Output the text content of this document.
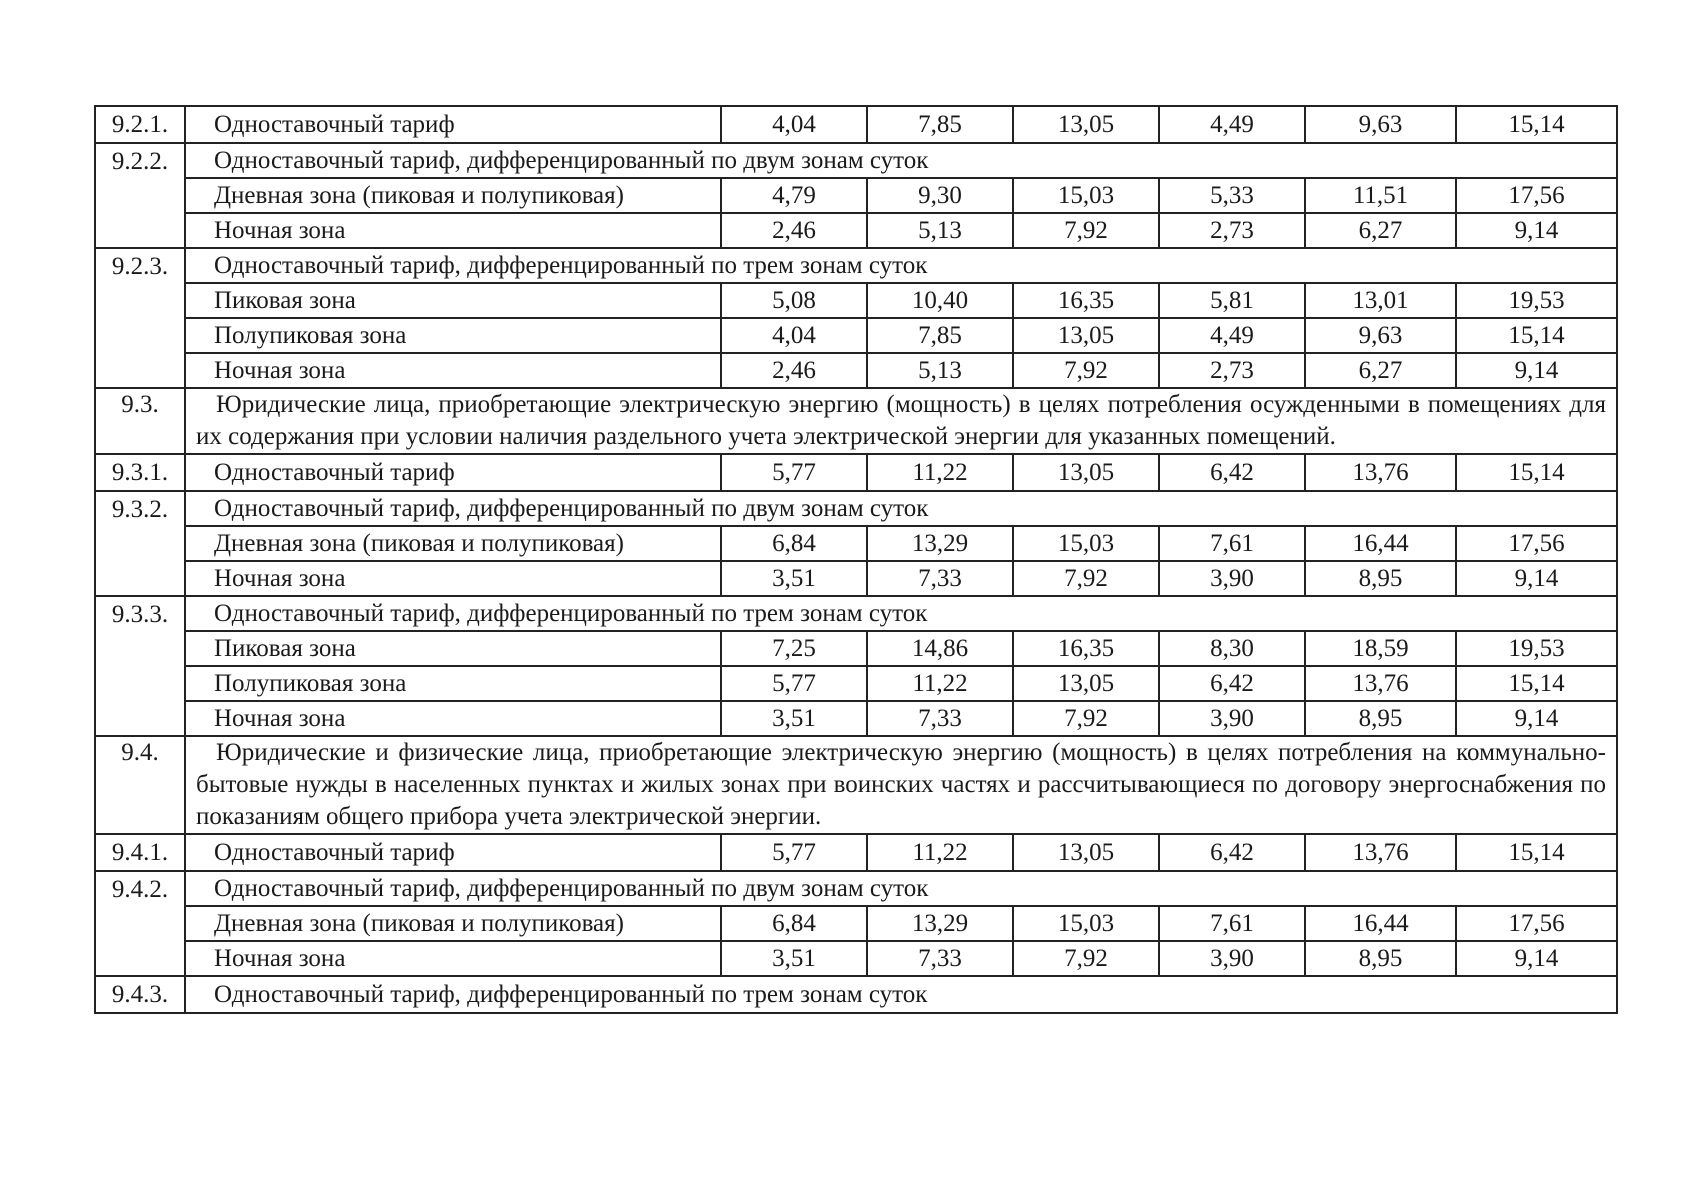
9.2.1.	Одноставочный тариф	4,04	7,85	13,05	4,49	9,63	15,14
9.2.2.	Одноставочный тариф, дифференцированный по двум зонам суток						
	Дневная зона (пиковая и полупиковая)	4,79	9,30	15,03	5,33	11,51	17,56
	Ночная зона	2,46	5,13	7,92	2,73	6,27	9,14
9.2.3.	Одноставочный тариф, дифференцированный по трем зонам суток						
	Пиковая зона	5,08	10,40	16,35	5,81	13,01	19,53
	Полупиковая зона	4,04	7,85	13,05	4,49	9,63	15,14
	Ночная зона	2,46	5,13	7,92	2,73	6,27	9,14
9.3.	Юридические лица, приобретающие электрическую энергию (мощность) в целях потребления осужденными в помещениях для их содержания при условии наличия раздельного учета электрической энергии для указанных помещений.						
9.3.1.	Одноставочный тариф	5,77	11,22	13,05	6,42	13,76	15,14
9.3.2.	Одноставочный тариф, дифференцированный по двум зонам суток						
	Дневная зона (пиковая и полупиковая)	6,84	13,29	15,03	7,61	16,44	17,56
	Ночная зона	3,51	7,33	7,92	3,90	8,95	9,14
9.3.3.	Одноставочный тариф, дифференцированный по трем зонам суток						
	Пиковая зона	7,25	14,86	16,35	8,30	18,59	19,53
	Полупиковая зона	5,77	11,22	13,05	6,42	13,76	15,14
	Ночная зона	3,51	7,33	7,92	3,90	8,95	9,14
9.4.	Юридические и физические лица, приобретающие электрическую энергию (мощность) в целях потребления на коммунально-бытовые нужды в населенных пунктах и жилых зонах при воинских частях и рассчитывающиеся по договору энергоснабжения по показаниям общего прибора учета электрической энергии.						
9.4.1.	Одноставочный тариф	5,77	11,22	13,05	6,42	13,76	15,14
9.4.2.	Одноставочный тариф, дифференцированный по двум зонам суток						
	Дневная зона (пиковая и полупиковая)	6,84	13,29	15,03	7,61	16,44	17,56
	Ночная зона	3,51	7,33	7,92	3,90	8,95	9,14
9.4.3.	Одноставочный тариф, дифференцированный по трем зонам суток						
